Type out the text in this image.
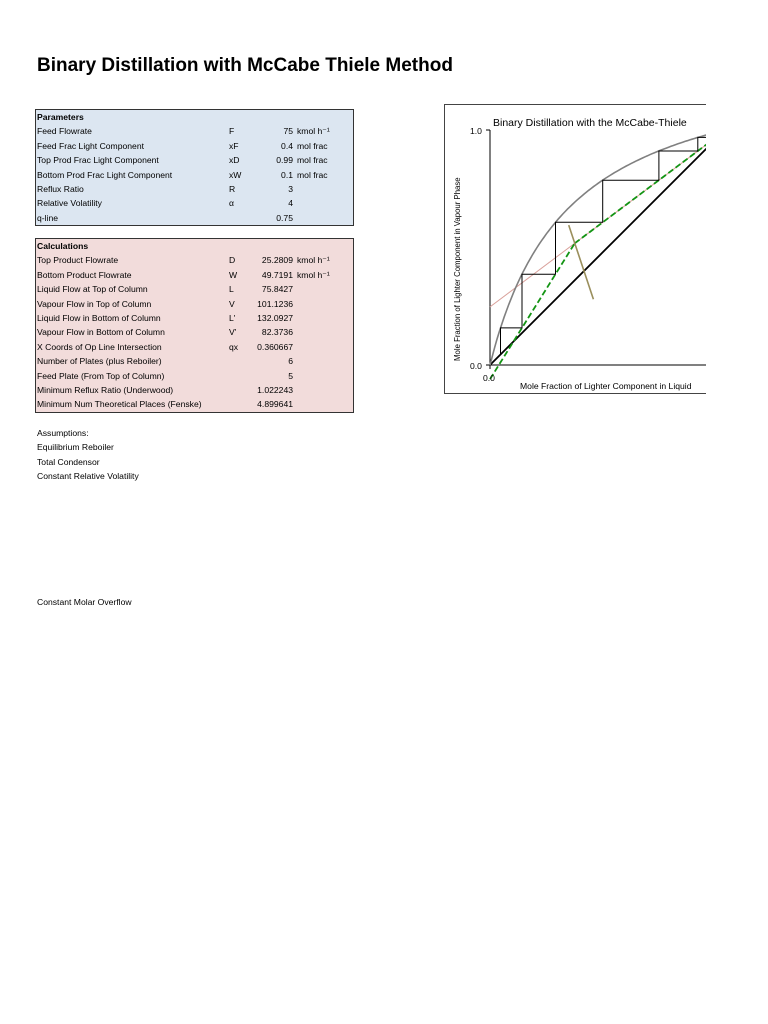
Binary Distillation with McCabe Thiele Method
Parameters
Feed Flowrate	F	75 kmol h⁻¹
Feed Frac Light Component	xF	0.4 mol frac
Top Prod Frac Light Component	xD	0.99 mol frac
Bottom Prod Frac Light Component	xW	0.1 mol frac
Reflux Ratio	R	3
Relative Volatility	α	4
q-line	0.75
Calculations
Top Product Flowrate	D	25.2809 kmol h⁻¹
Bottom Product Flowrate	W	49.7191 kmol h⁻¹
Liquid Flow at Top of Column	L	75.8427
Vapour Flow in Top of Column	V	101.1236
Liquid Flow in Bottom of Column	L'	132.0927
Vapour Flow in Bottom of Column	V'	82.3736
X Coords of Op Line Intersection	qx 0.360667
Number of Plates (plus Reboiler)	6
Feed Plate (From Top of Column)	5
Minimum Reflux Ratio (Underwood)	1.022243
Minimum Num Theoretical Places (Fenske)	4.899641
Assumptions:
Equilibrium Reboiler
Total Condensor
Constant Relative Volatility
Constant Molar Overflow
Binary Distillation with the McCabe-Thiele
Mole Fraction of Lighter Component in Liquid
Mole Fraction of Lighter Component in Vapour Phase
1.0
0.0
0.0
